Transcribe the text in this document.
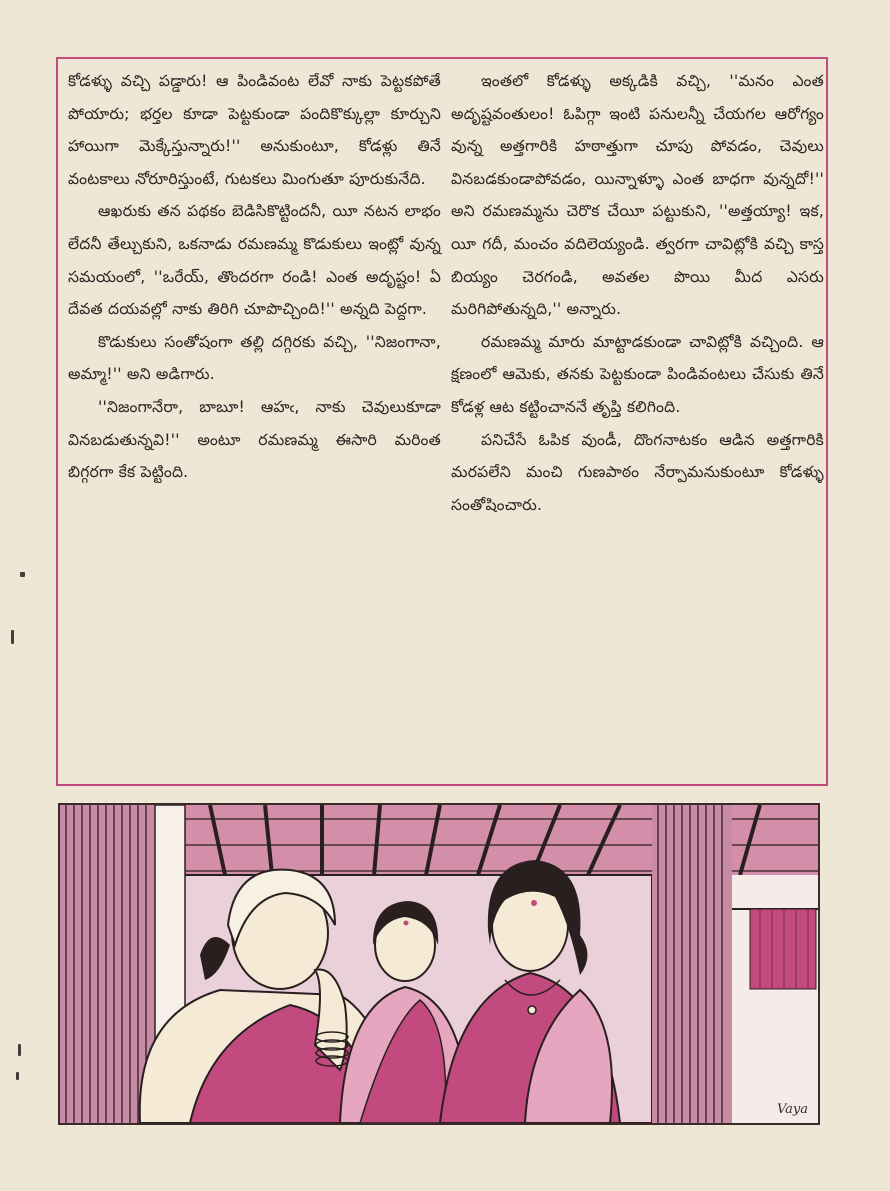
కోడళ్ళు వచ్చి పడ్డారు! ఆ పిండివంట లేవో నాకు పెట్టకపోతే పోయారు; భర్తల కూడా పెట్టకుండా పందికొక్కుల్లా కూర్చుని హాయిగా మెక్కేస్తున్నారు!'' అనుకుంటూ, కోడళ్లు తినే వంటకాలు నోరూరిస్తుంటే, గుటకలు మింగుతూ పూరుకునేది.

ఆఖరుకు తన పథకం బెడిసికొట్టిందనీ, యీ నటన లాభం లేదనీ తేల్చుకుని, ఒకనాడు రమణమ్మ కొడుకులు ఇంట్లో వున్న సమయంలో, ''ఒరేయ్, తొందరగా రండి! ఎంత అదృష్టం! ఏ దేవత దయవల్లో నాకు తిరిగి చూపొచ్చింది!'' అన్నది పెద్దగా.

కొడుకులు సంతోషంగా తల్లి దగ్గిరకు వచ్చి, ''నిజంగానా, అమ్మా!'' అని అడిగారు.

''నిజంగానేరా, బాబూ! ఆహఁ, నాకు చెవులుకూడా వినబడుతున్నవి!'' అంటూ రమణమ్మ ఈసారి మరింత బిగ్గరగా కేక పెట్టింది.

ఇంతలో కోడళ్ళు అక్కడికి వచ్చి, ''మనం ఎంత అదృష్టవంతులం! ఓపిగ్గా ఇంటి పనులన్నీ చేయగల ఆరోగ్యం వున్న అత్తగారికి హఠాత్తుగా చూపు పోవడం, చెవులు వినబడకుండాపోవడం, యిన్నాళ్ళూ ఎంత బాధగా వున్నదో!'' అని రమణమ్మను చెరొక చేయీ పట్టుకుని, ''అత్తయ్యా! ఇక, యీ గదీ, మంచం వదిలెయ్యండి. త్వరగా చావిట్లోకి వచ్చి కాస్త బియ్యం చెరగండి, అవతల పొయి మీద ఎసరు మరిగిపోతున్నది,'' అన్నారు.

రమణమ్మ మారు మాట్టాడకుండా చావిట్లోకి వచ్చింది. ఆ క్షణంలో ఆమెకు, తనకు పెట్టకుండా పిండివంటలు చేసుకు తినే కోడళ్ల ఆట కట్టించాననే తృప్తి కలిగింది.

పనిచేసే ఓపిక వుండీ, దొంగనాటకం ఆడిన అత్తగారికి మరపలేని మంచి గుణపాఠం నేర్పామనుకుంటూ కోడళ్ళు సంతోషించారు.

Vaya
